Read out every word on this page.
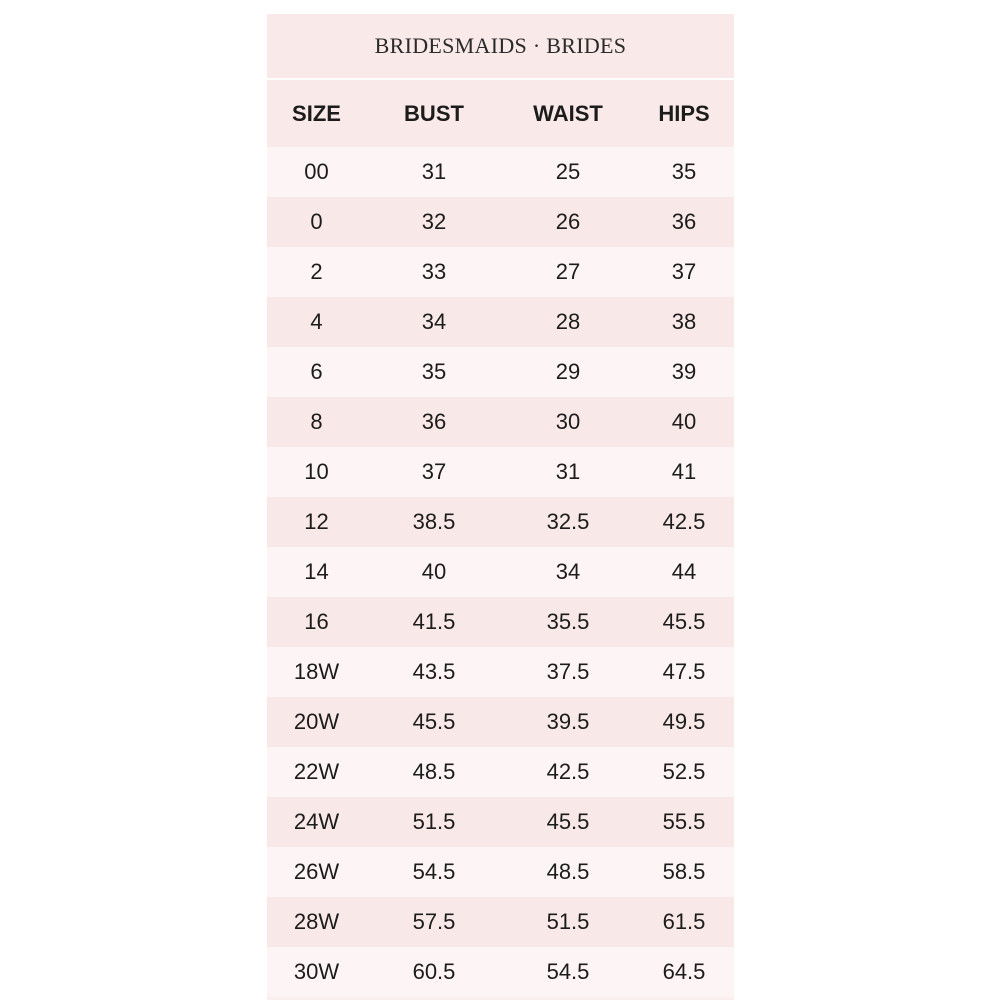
BRIDESMAIDS · BRIDES
SIZE	BUST	WAIST	HIPS
00	31	25	35
0	32	26	36
2	33	27	37
4	34	28	38
6	35	29	39
8	36	30	40
10	37	31	41
12	38.5	32.5	42.5
14	40	34	44
16	41.5	35.5	45.5
18W	43.5	37.5	47.5
20W	45.5	39.5	49.5
22W	48.5	42.5	52.5
24W	51.5	45.5	55.5
26W	54.5	48.5	58.5
28W	57.5	51.5	61.5
30W	60.5	54.5	64.5
